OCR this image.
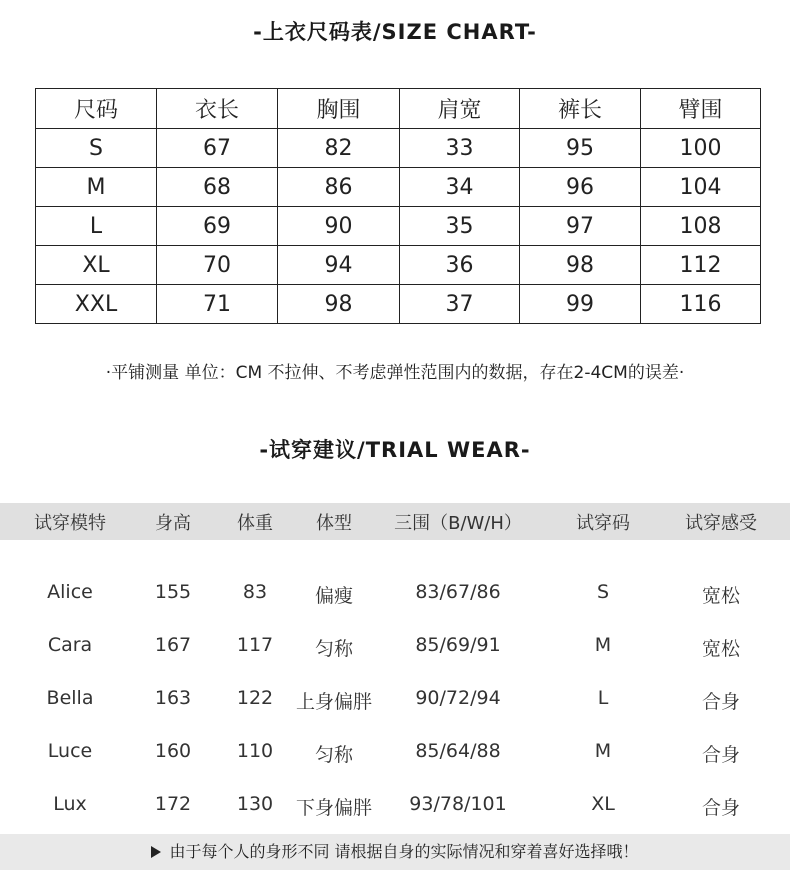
-上衣尺码表/SIZE CHART-
尺码	衣长	胸围	肩宽	裤长	臂围
S	67	82	33	95	100
M	68	86	34	96	104
L	69	90	35	97	108
XL	70	94	36	98	112
XXL	71	98	37	99	116
·平铺测量 单位：CM 不拉伸、不考虑弹性范围内的数据，存在2-4CM的误差·
-试穿建议/TRIAL WEAR-
试穿模特	身高	体重	体型	三围（B/W/H）	试穿码	试穿感受
Alice	155	83	偏瘦	83/67/86	S	宽松
Cara	167	117	匀称	85/69/91	M	宽松
Bella	163	122	上身偏胖	90/72/94	L	合身
Luce	160	110	匀称	85/64/88	M	合身
Lux	172	130	下身偏胖	93/78/101	XL	合身
由于每个人的身形不同 请根据自身的实际情况和穿着喜好选择哦！
